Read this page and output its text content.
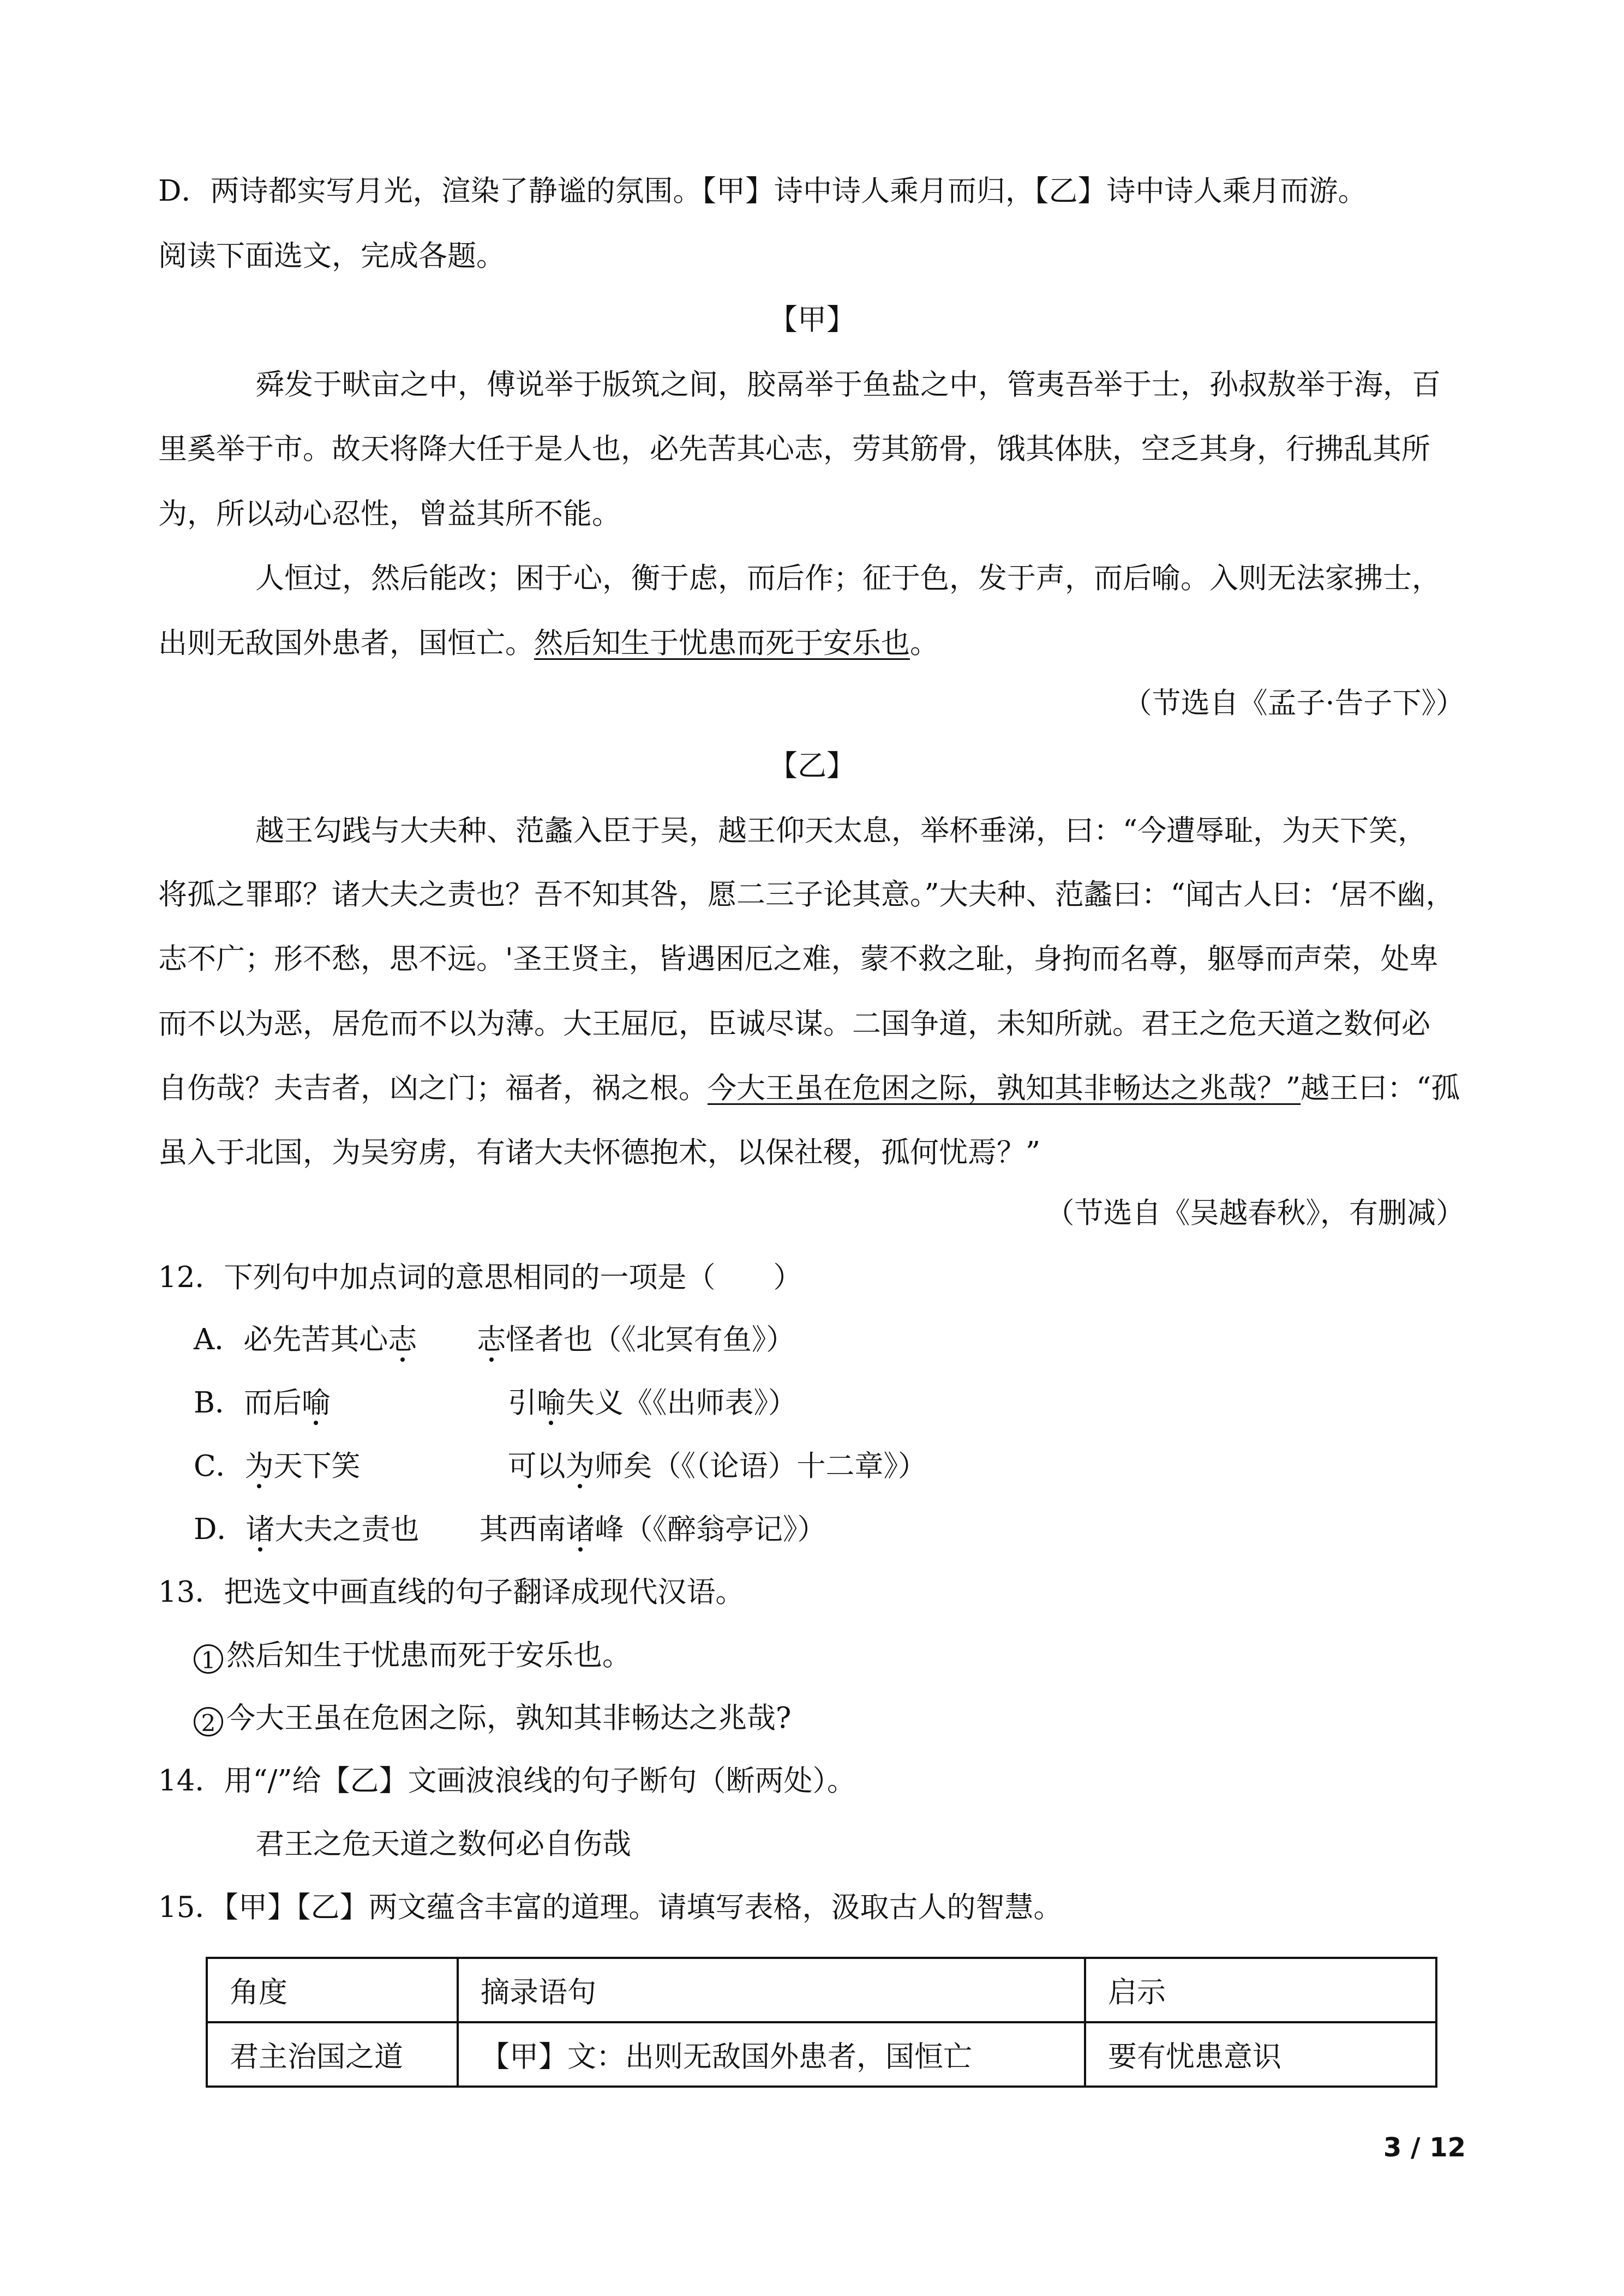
D．两诗都实写月光，渲染了静谧的氛围。【甲】诗中诗人乘月而归，【乙】诗中诗人乘月而游。
阅读下面选文，完成各题。
【甲】
舜发于畎亩之中，傅说举于版筑之间，胶鬲举于鱼盐之中，管夷吾举于士，孙叔敖举于海，百
里奚举于市。故天将降大任于是人也，必先苦其心志，劳其筋骨，饿其体肤，空乏其身，行拂乱其所
为，所以动心忍性，曾益其所不能。
人恒过，然后能改；困于心，衡于虑，而后作；征于色，发于声，而后喻。入则无法家拂士，
出则无敌国外患者，国恒亡。然后知生于忧患而死于安乐也。
（节选自《孟子·告子下》）
【乙】
越王勾践与大夫种、范蠡入臣于吴，越王仰天太息，举杯垂涕，曰：“今遭辱耻，为天下笑，
将孤之罪耶？诸大夫之责也？吾不知其咎，愿二三子论其意。”大夫种、范蠡曰：“闻古人曰：‘居不幽，
志不广；形不愁，思不远。'圣王贤主，皆遇困厄之难，蒙不救之耻，身拘而名尊，躯辱而声荣，处卑
而不以为恶，居危而不以为薄。大王屈厄，臣诚尽谋。二国争道，未知所就。君王之危天道之数何必
自伤哉？夫吉者，凶之门；福者，祸之根。今大王虽在危困之际，孰知其非畅达之兆哉？”越王曰：“孤
虽入于北国，为吴穷虏，有诸大夫怀德抱术，以保社稷，孤何忧焉？”
（节选自《吴越春秋》，有删减）
12．下列句中加点词的意思相同的一项是（　　）
A．必先苦其心志 志怪者也（《北冥有鱼》）
B．而后喻	引喻失义《《出师表》）
C．为天下笑	可以为师矣（《（论语）十二章》）
D．诸大夫之责也 其西南诸峰（《醉翁亭记》）
13．把选文中画直线的句子翻译成现代汉语。
1 然后知生于忧患而死于安乐也。
2 今大王虽在危困之际，孰知其非畅达之兆哉?
14．用“/”给【乙】文画波浪线的句子断句（断两处）。
君王之危天道之数何必自伤哉
15．【甲】【乙】两文蕴含丰富的道理。请填写表格，汲取古人的智慧。
角度	摘录语句	启示
君主治国之道	【甲】文：出则无敌国外患者，国恒亡	要有忧患意识
3 / 12
